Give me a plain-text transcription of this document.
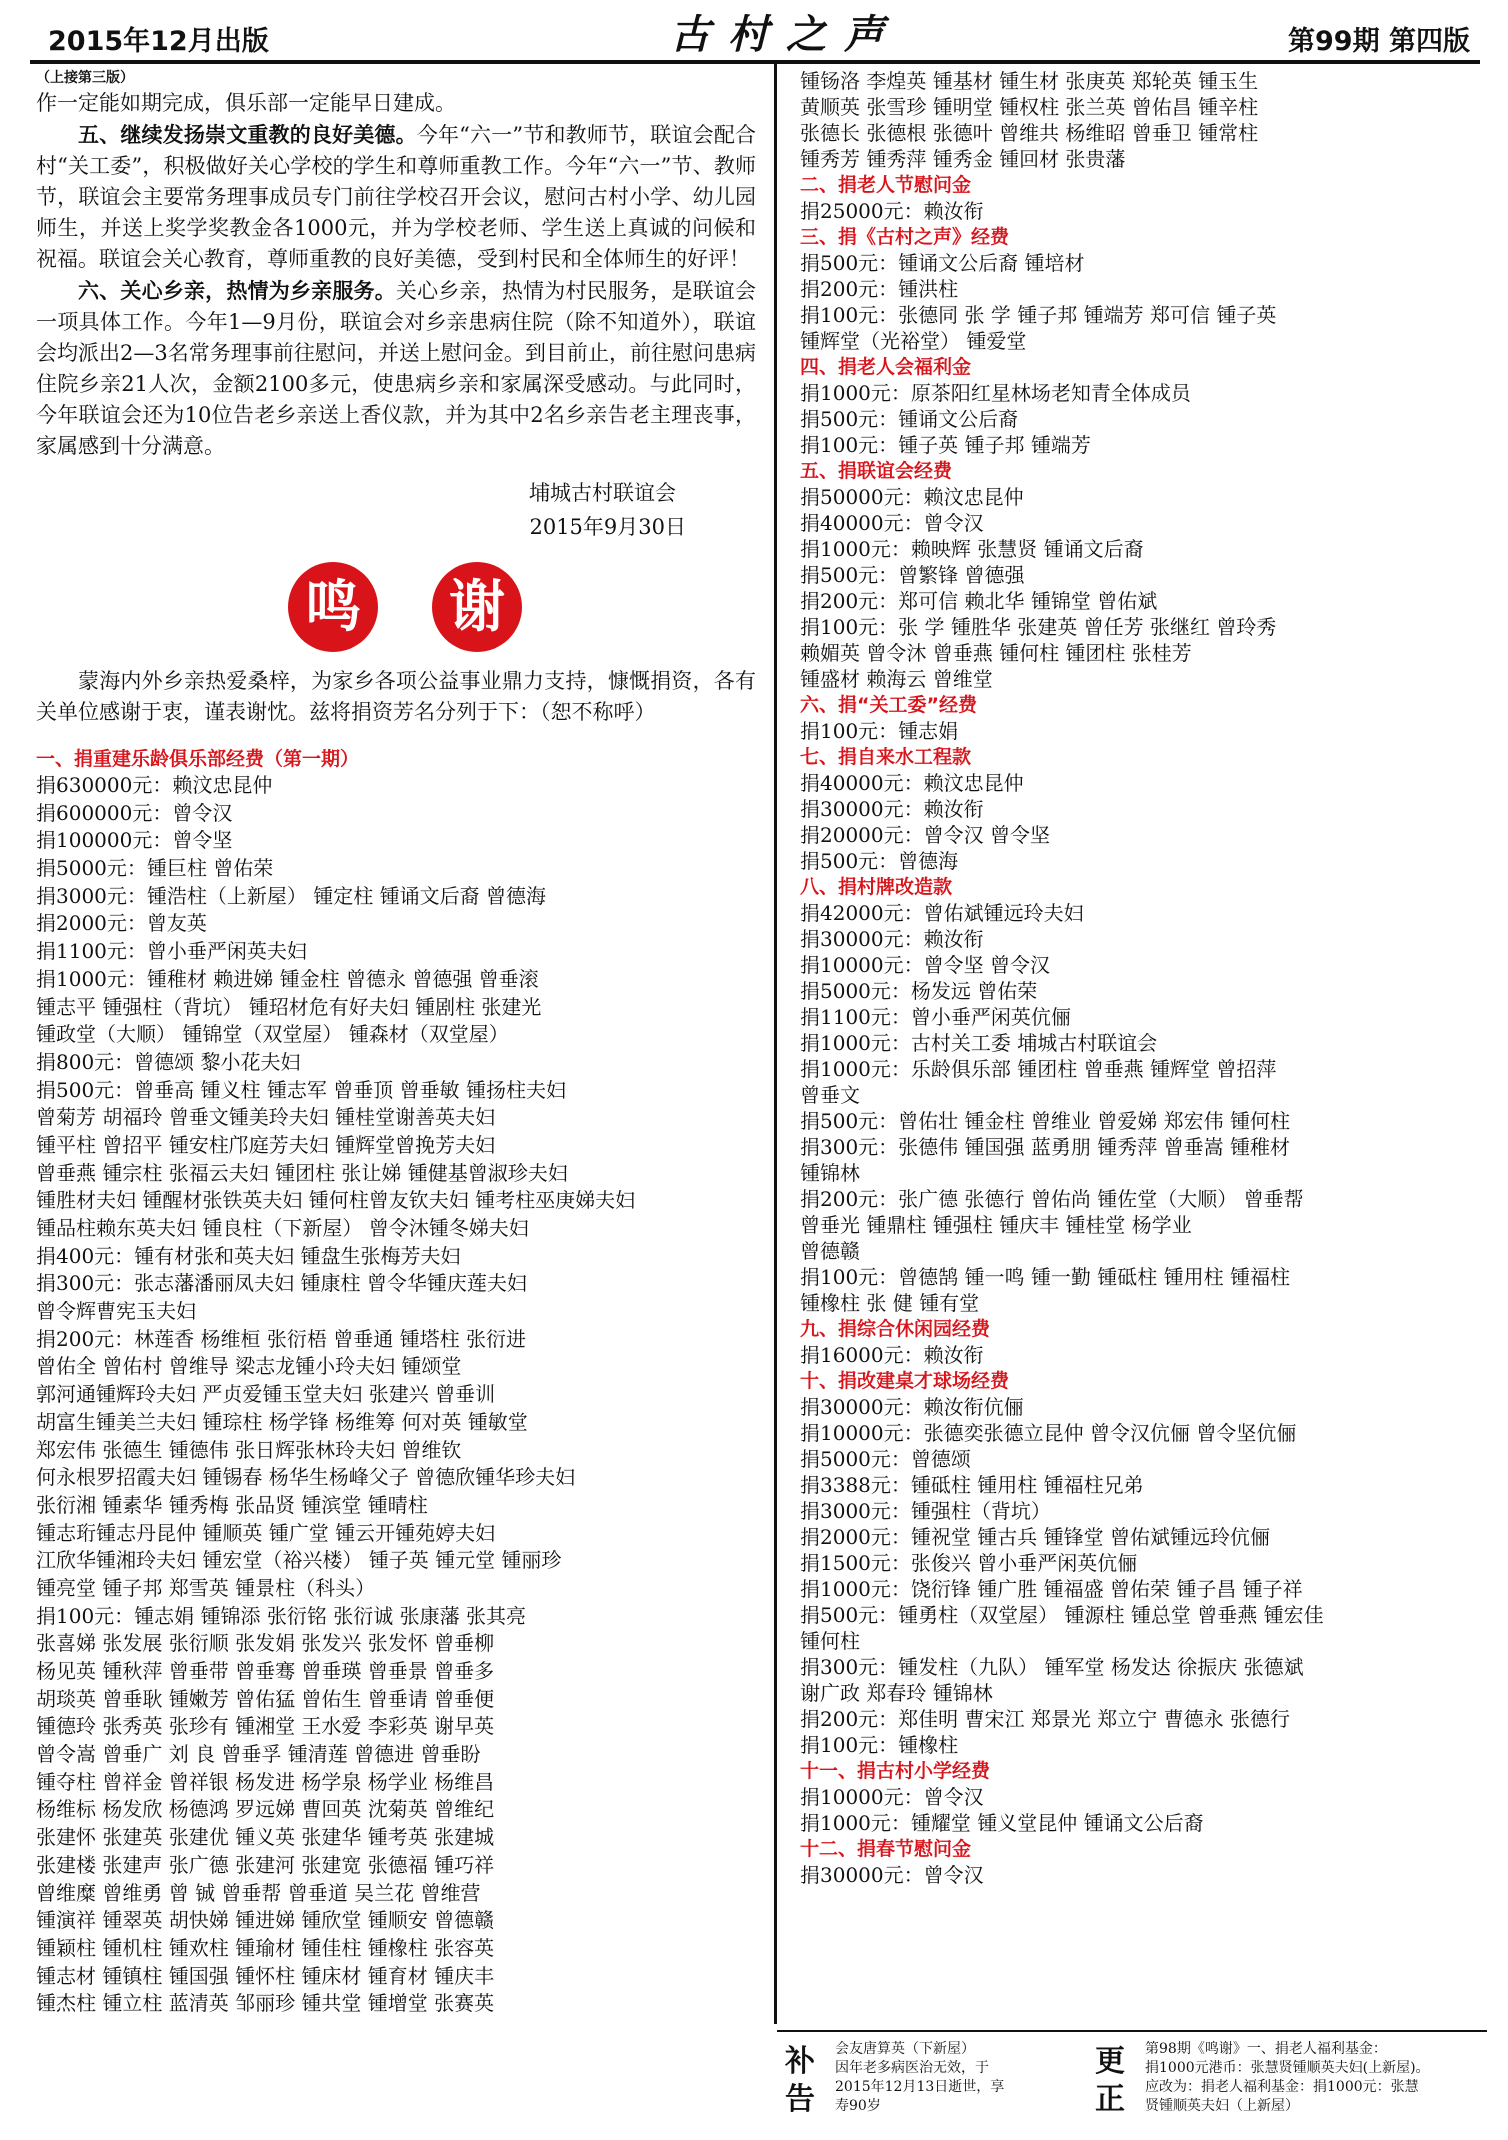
2015年12月出版	古村之声	第99期 第四版
（上接第三版）
作一定能如期完成，俱乐部一定能早日建成。
五、继续发扬崇文重教的良好美德。今年“六一”节和教师节，联谊会配合村“关工委”，积极做好关心学校的学生和尊师重教工作。今年“六一”节、教师节，联谊会主要常务理事成员专门前往学校召开会议，慰问古村小学、幼儿园师生，并送上奖学奖教金各1000元，并为学校老师、学生送上真诚的问候和祝福。联谊会关心教育，尊师重教的良好美德，受到村民和全体师生的好评！
六、关心乡亲，热情为乡亲服务。关心乡亲，热情为村民服务，是联谊会一项具体工作。今年1—9月份，联谊会对乡亲患病住院（除不知道外），联谊会均派出2—3名常务理事前往慰问，并送上慰问金。到目前止，前往慰问患病住院乡亲21人次，金额2100多元，使患病乡亲和家属深受感动。与此同时，今年联谊会还为10位告老乡亲送上香仪款，并为其中2名乡亲告老主理丧事，家属感到十分满意。
埔城古村联谊会
2015年9月30日
鸣	谢
蒙海内外乡亲热爱桑梓，为家乡各项公益事业鼎力支持，慷慨捐资，各有关单位感谢于衷，谨表谢忱。兹将捐资芳名分列于下：（恕不称呼）
一、捐重建乐龄俱乐部经费（第一期）
捐630000元：赖汶忠昆仲
捐600000元：曾令汉
捐100000元：曾令坚
捐5000元：锺巨柱 曾佑荣
捐3000元：锺浩柱（上新屋） 锺定柱 锺诵文后裔 曾德海
捐2000元：曾友英
捐1100元：曾小垂严闲英夫妇
捐1000元：锺稚材 赖进娣 锺金柱 曾德永 曾德强 曾垂滚
锺志平 锺强柱（背坑） 锺玿材危有好夫妇 锺剧柱 张建光
锺政堂（大顺） 锺锦堂（双堂屋） 锺森材（双堂屋）
捐800元：曾德颂 黎小花夫妇
捐500元：曾垂高 锺义柱 锺志军 曾垂顶 曾垂敏 锺扬柱夫妇
曾菊芳 胡福玲 曾垂文锺美玲夫妇 锺桂堂谢善英夫妇
锺平柱 曾招平 锺安柱邝庭芳夫妇 锺辉堂曾挽芳夫妇
曾垂燕 锺宗柱 张福云夫妇 锺团柱 张让娣 锺健基曾淑珍夫妇
锺胜材夫妇 锺醒材张铁英夫妇 锺何柱曾友钦夫妇 锺考柱巫庚娣夫妇
锺品柱赖东英夫妇 锺良柱（下新屋） 曾令沐锺冬娣夫妇
捐400元：锺有材张和英夫妇 锺盘生张梅芳夫妇
捐300元：张志藩潘丽凤夫妇 锺康柱 曾令华锺庆莲夫妇
曾令辉曹宪玉夫妇
捐200元：林莲香 杨维桓 张衍梧 曾垂通 锺塔柱 张衍进
曾佑全 曾佑村 曾维导 梁志龙锺小玲夫妇 锺颂堂
郭河通锺辉玲夫妇 严贞爱锺玉堂夫妇 张建兴 曾垂训
胡富生锺美兰夫妇 锺琮柱 杨学锋 杨维筹 何对英 锺敏堂
郑宏伟 张德生 锺德伟 张日辉张林玲夫妇 曾维钦
何永根罗招霞夫妇 锺锡春 杨华生杨峰父子 曾德欣锺华珍夫妇
张衍湘 锺素华 锺秀梅 张品贤 锺滨堂 锺晴柱
锺志珩锺志丹昆仲 锺顺英 锺广堂 锺云开锺苑婷夫妇
江欣华锺湘玲夫妇 锺宏堂（裕兴楼） 锺子英 锺元堂 锺丽珍
锺亮堂 锺子邦 郑雪英 锺景柱（科头）
捐100元：锺志娟 锺锦添 张衍铭 张衍诚 张康藩 张其亮
张喜娣 张发展 张衍顺 张发娟 张发兴 张发怀 曾垂柳
杨见英 锺秋萍 曾垂带 曾垂骞 曾垂瑛 曾垂景 曾垂多
胡琰英 曾垂耿 锺嫩芳 曾佑猛 曾佑生 曾垂请 曾垂便
锺德玲 张秀英 张珍有 锺湘堂 王水爱 李彩英 谢早英
曾令嵩 曾垂广 刘 良 曾垂孚 锺清莲 曾德进 曾垂盼
锺夺柱 曾祥金 曾祥银 杨发进 杨学泉 杨学业 杨维昌
杨维标 杨发欣 杨德鸿 罗远娣 曹回英 沈菊英 曾维纪
张建怀 张建英 张建优 锺义英 张建华 锺考英 张建城
张建楼 张建声 张广德 张建河 张建宽 张德福 锺巧祥
曾维糜 曾维勇 曾 铖 曾垂帮 曾垂道 吴兰花 曾维营
锺演祥 锺翠英 胡快娣 锺进娣 锺欣堂 锺顺安 曾德赣
锺颖柱 锺机柱 锺欢柱 锺瑜材 锺佳柱 锺橡柱 张容英
锺志材 锺镇柱 锺国强 锺怀柱 锺床材 锺育材 锺庆丰
锺杰柱 锺立柱 蓝清英 邹丽珍 锺共堂 锺增堂 张赛英
锺钖洛 李煌英 锺基材 锺生材 张庚英 郑轮英 锺玉生
黄顺英 张雪珍 锺明堂 锺权柱 张兰英 曾佑昌 锺辛柱
张德长 张德根 张德叶 曾维共 杨维昭 曾垂卫 锺常柱
锺秀芳 锺秀萍 锺秀金 锺回材 张贵藩
二、捐老人节慰问金
捐25000元：赖汝衔
三、捐《古村之声》经费
捐500元：锺诵文公后裔 锺培材
捐200元：锺洪柱
捐100元：张德同 张 学 锺子邦 锺端芳 郑可信 锺子英
锺辉堂（光裕堂） 锺爱堂
四、捐老人会福利金
捐1000元：原茶阳红星林场老知青全体成员
捐500元：锺诵文公后裔
捐100元：锺子英 锺子邦 锺端芳
五、捐联谊会经费
捐50000元：赖汶忠昆仲
捐40000元：曾令汉
捐1000元：赖映辉 张慧贤 锺诵文后裔
捐500元：曾繁锋 曾德强
捐200元：郑可信 赖北华 锺锦堂 曾佑斌
捐100元：张 学 锺胜华 张建英 曾任芳 张继红 曾玲秀
赖媚英 曾令沐 曾垂燕 锺何柱 锺团柱 张桂芳
锺盛材 赖海云 曾维堂
六、捐“关工委”经费
捐100元：锺志娟
七、捐自来水工程款
捐40000元：赖汶忠昆仲
捐30000元：赖汝衔
捐20000元：曾令汉 曾令坚
捐500元：曾德海
八、捐村牌改造款
捐42000元：曾佑斌锺远玲夫妇
捐30000元：赖汝衔
捐10000元：曾令坚 曾令汉
捐5000元：杨发远 曾佑荣
捐1100元：曾小垂严闲英伉俪
捐1000元：古村关工委 埔城古村联谊会
捐1000元：乐龄俱乐部 锺团柱 曾垂燕 锺辉堂 曾招萍
曾垂文
捐500元：曾佑壮 锺金柱 曾维业 曾爱娣 郑宏伟 锺何柱
捐300元：张德伟 锺国强 蓝勇朋 锺秀萍 曾垂嵩 锺稚材
锺锦林
捐200元：张广德 张德行 曾佑尚 锺佐堂（大顺） 曾垂帮
曾垂光 锺鼎柱 锺强柱 锺庆丰 锺桂堂 杨学业
曾德赣
捐100元：曾德鹄 锺一鸣 锺一勤 锺砥柱 锺用柱 锺福柱
锺橡柱 张 健 锺有堂
九、捐综合休闲园经费
捐16000元：赖汝衔
十、捐改建桌才球场经费
捐30000元：赖汝衔伉俪
捐10000元：张德奕张德立昆仲 曾令汉伉俪 曾令坚伉俪
捐5000元：曾德颂
捐3388元：锺砥柱 锺用柱 锺福柱兄弟
捐3000元：锺强柱（背坑）
捐2000元：锺祝堂 锺古兵 锺锋堂 曾佑斌锺远玲伉俪
捐1500元：张俊兴 曾小垂严闲英伉俪
捐1000元：饶衍锋 锺广胜 锺福盛 曾佑荣 锺子昌 锺子祥
捐500元：锺勇柱（双堂屋） 锺源柱 锺总堂 曾垂燕 锺宏佳
锺何柱
捐300元：锺发柱（九队） 锺军堂 杨发达 徐振庆 张德斌
谢广政 郑春玲 锺锦林
捐200元：郑佳明 曹宋江 郑景光 郑立宁 曹德永 张德行
捐100元：锺橡柱
十一、捐古村小学经费
捐10000元：曾令汉
捐1000元：锺耀堂 锺义堂昆仲 锺诵文公后裔
十二、捐春节慰问金
捐30000元：曾令汉
补
告
会友唐算英（下新屋）
因年老多病医治无效，于
2015年12月13日逝世，享
寿90岁
更
正
第98期《鸣谢》一、捐老人福利基金：
捐1000元港币：张慧贤锺顺英夫妇(上新屋)。
应改为：捐老人福利基金：捐1000元：张慧
贤锺顺英夫妇（上新屋）
